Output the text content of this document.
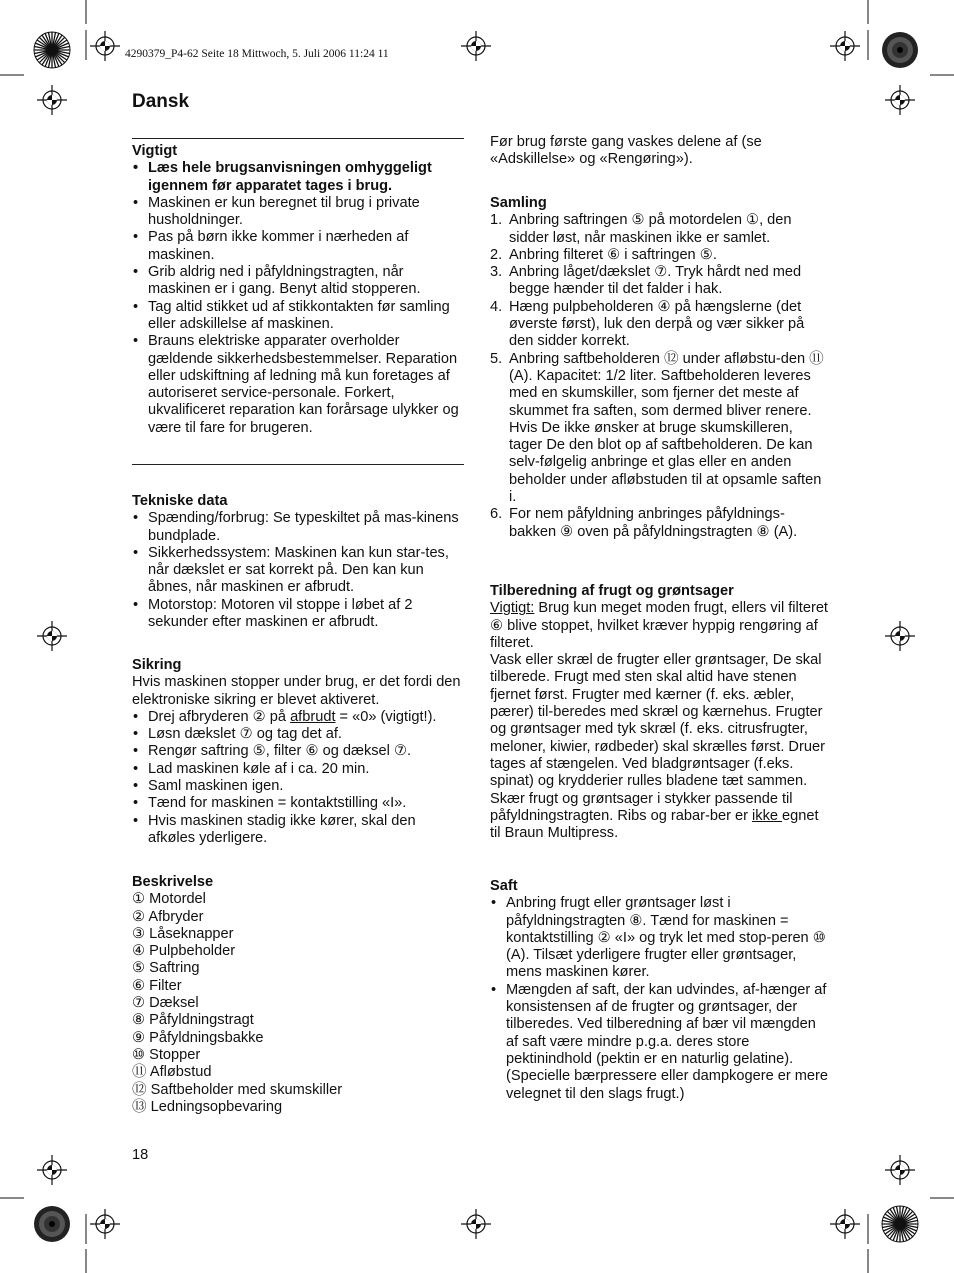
4290379_P4-62 Seite 18 Mittwoch, 5. Juli 2006 11:24 11
Dansk

Vigtigt

• Læs hele brugsanvisningen omhyggeligt igennem før apparatet tages i brug.
• Maskinen er kun beregnet til brug i private husholdninger.
• Pas på børn ikke kommer i nærheden af maskinen.
• Grib aldrig ned i påfyldningstragten, når maskinen er i gang. Benyt altid stopperen.
• Tag altid stikket ud af stikkontakten før samling eller adskillelse af maskinen.
• Brauns elektriske apparater overholder gældende sikkerhedsbestemmelser. Reparation eller udskiftning af ledning må kun foretages af autoriseret service-personale. Forkert, ukvalificeret reparation kan forårsage ulykker og være til fare for brugeren.

Tekniske data

• Spænding/forbrug: Se typeskiltet på mas-kinens bundplade.
• Sikkerhedssystem: Maskinen kan kun star-tes, når dækslet er sat korrekt på. Den kan kun åbnes, når maskinen er afbrudt.
• Motorstop: Motoren vil stoppe i løbet af 2 sekunder efter maskinen er afbrudt.

Sikring

Hvis maskinen stopper under brug, er det fordi den elektroniske sikring er blevet aktiveret.

• Drej afbryderen ② på afbrudt = «0» (vigtigt!).
• Løsn dækslet ⑦ og tag det af.
• Rengør saftring ⑤, filter ⑥ og dæksel ⑦.
• Lad maskinen køle af i ca. 20 min.
• Saml maskinen igen.
• Tænd for maskinen = kontaktstilling «I».
• Hvis maskinen stadig ikke kører, skal den afkøles yderligere.

Beskrivelse

① Motordel
② Afbryder
③ Låseknapper
④ Pulpbeholder
⑤ Saftring
⑥ Filter
⑦ Dæksel
⑧ Påfyldningstragt
⑨ Påfyldningsbakke
⑩ Stopper
⑪ Afløbstud
⑫ Saftbeholder med skumskiller
⑬ Ledningsopbevaring

Før brug første gang vaskes delene af (se «Adskillelse» og «Rengøring»).

Samling

1. Anbring saftringen ⑤ på motordelen ①, den sidder løst, når maskinen ikke er samlet.
2. Anbring filteret ⑥ i saftringen ⑤.
3. Anbring låget/dækslet ⑦. Tryk hårdt ned med begge hænder til det falder i hak.
4. Hæng pulpbeholderen ④ på hængslerne (det øverste først), luk den derpå og vær sikker på den sidder korrekt.
5. Anbring saftbeholderen ⑫ under afløbstu-den ⑪ (A). Kapacitet: 1/2 liter. Saftbeholderen leveres med en skumskiller, som fjerner det meste af skummet fra saften, som dermed bliver renere. Hvis De ikke ønsker at bruge skumskilleren, tager De den blot op af saftbeholderen. De kan selv-følgelig anbringe et glas eller en anden beholder under afløbstuden til at opsamle saften i.
6. For nem påfyldning anbringes påfyldnings-bakken ⑨ oven på påfyldningstragten ⑧ (A).

Tilberedning af frugt og grøntsager

Vigtigt: Brug kun meget moden frugt, ellers vil filteret ⑥ blive stoppet, hvilket kræver hyppig rengøring af filteret.

Vask eller skræl de frugter eller grøntsager, De skal tilberede. Frugt med sten skal altid have stenen fjernet først. Frugter med kærner (f. eks. æbler, pærer) til-beredes med skræl og kærnehus. Frugter og grøntsager med tyk skræl (f. eks. citrusfrugter, meloner, kiwier, rødbeder) skal skrælles først. Druer tages af stængelen. Ved bladgrøntsager (f.eks. spinat) og krydderier rulles bladene tæt sammen. Skær frugt og grøntsager i stykker passende til påfyldningstragten. Ribs og rabar-ber er ikke egnet til Braun Multipress.

Saft

• Anbring frugt eller grøntsager løst i påfyldningstragten ⑧. Tænd for maskinen = kontaktstilling ② «I» og tryk let med stop-peren ⑩ (A). Tilsæt yderligere frugter eller grøntsager, mens maskinen kører.
• Mængden af saft, der kan udvindes, af-hænger af konsistensen af de frugter og grøntsager, der tilberedes. Ved tilberedning af bær vil mængden af saft være mindre p.g.a. deres store pektinindhold (pektin er en naturlig gelatine). (Specielle bærpressere eller dampkogere er mere velegnet til den slags frugt.)
18
